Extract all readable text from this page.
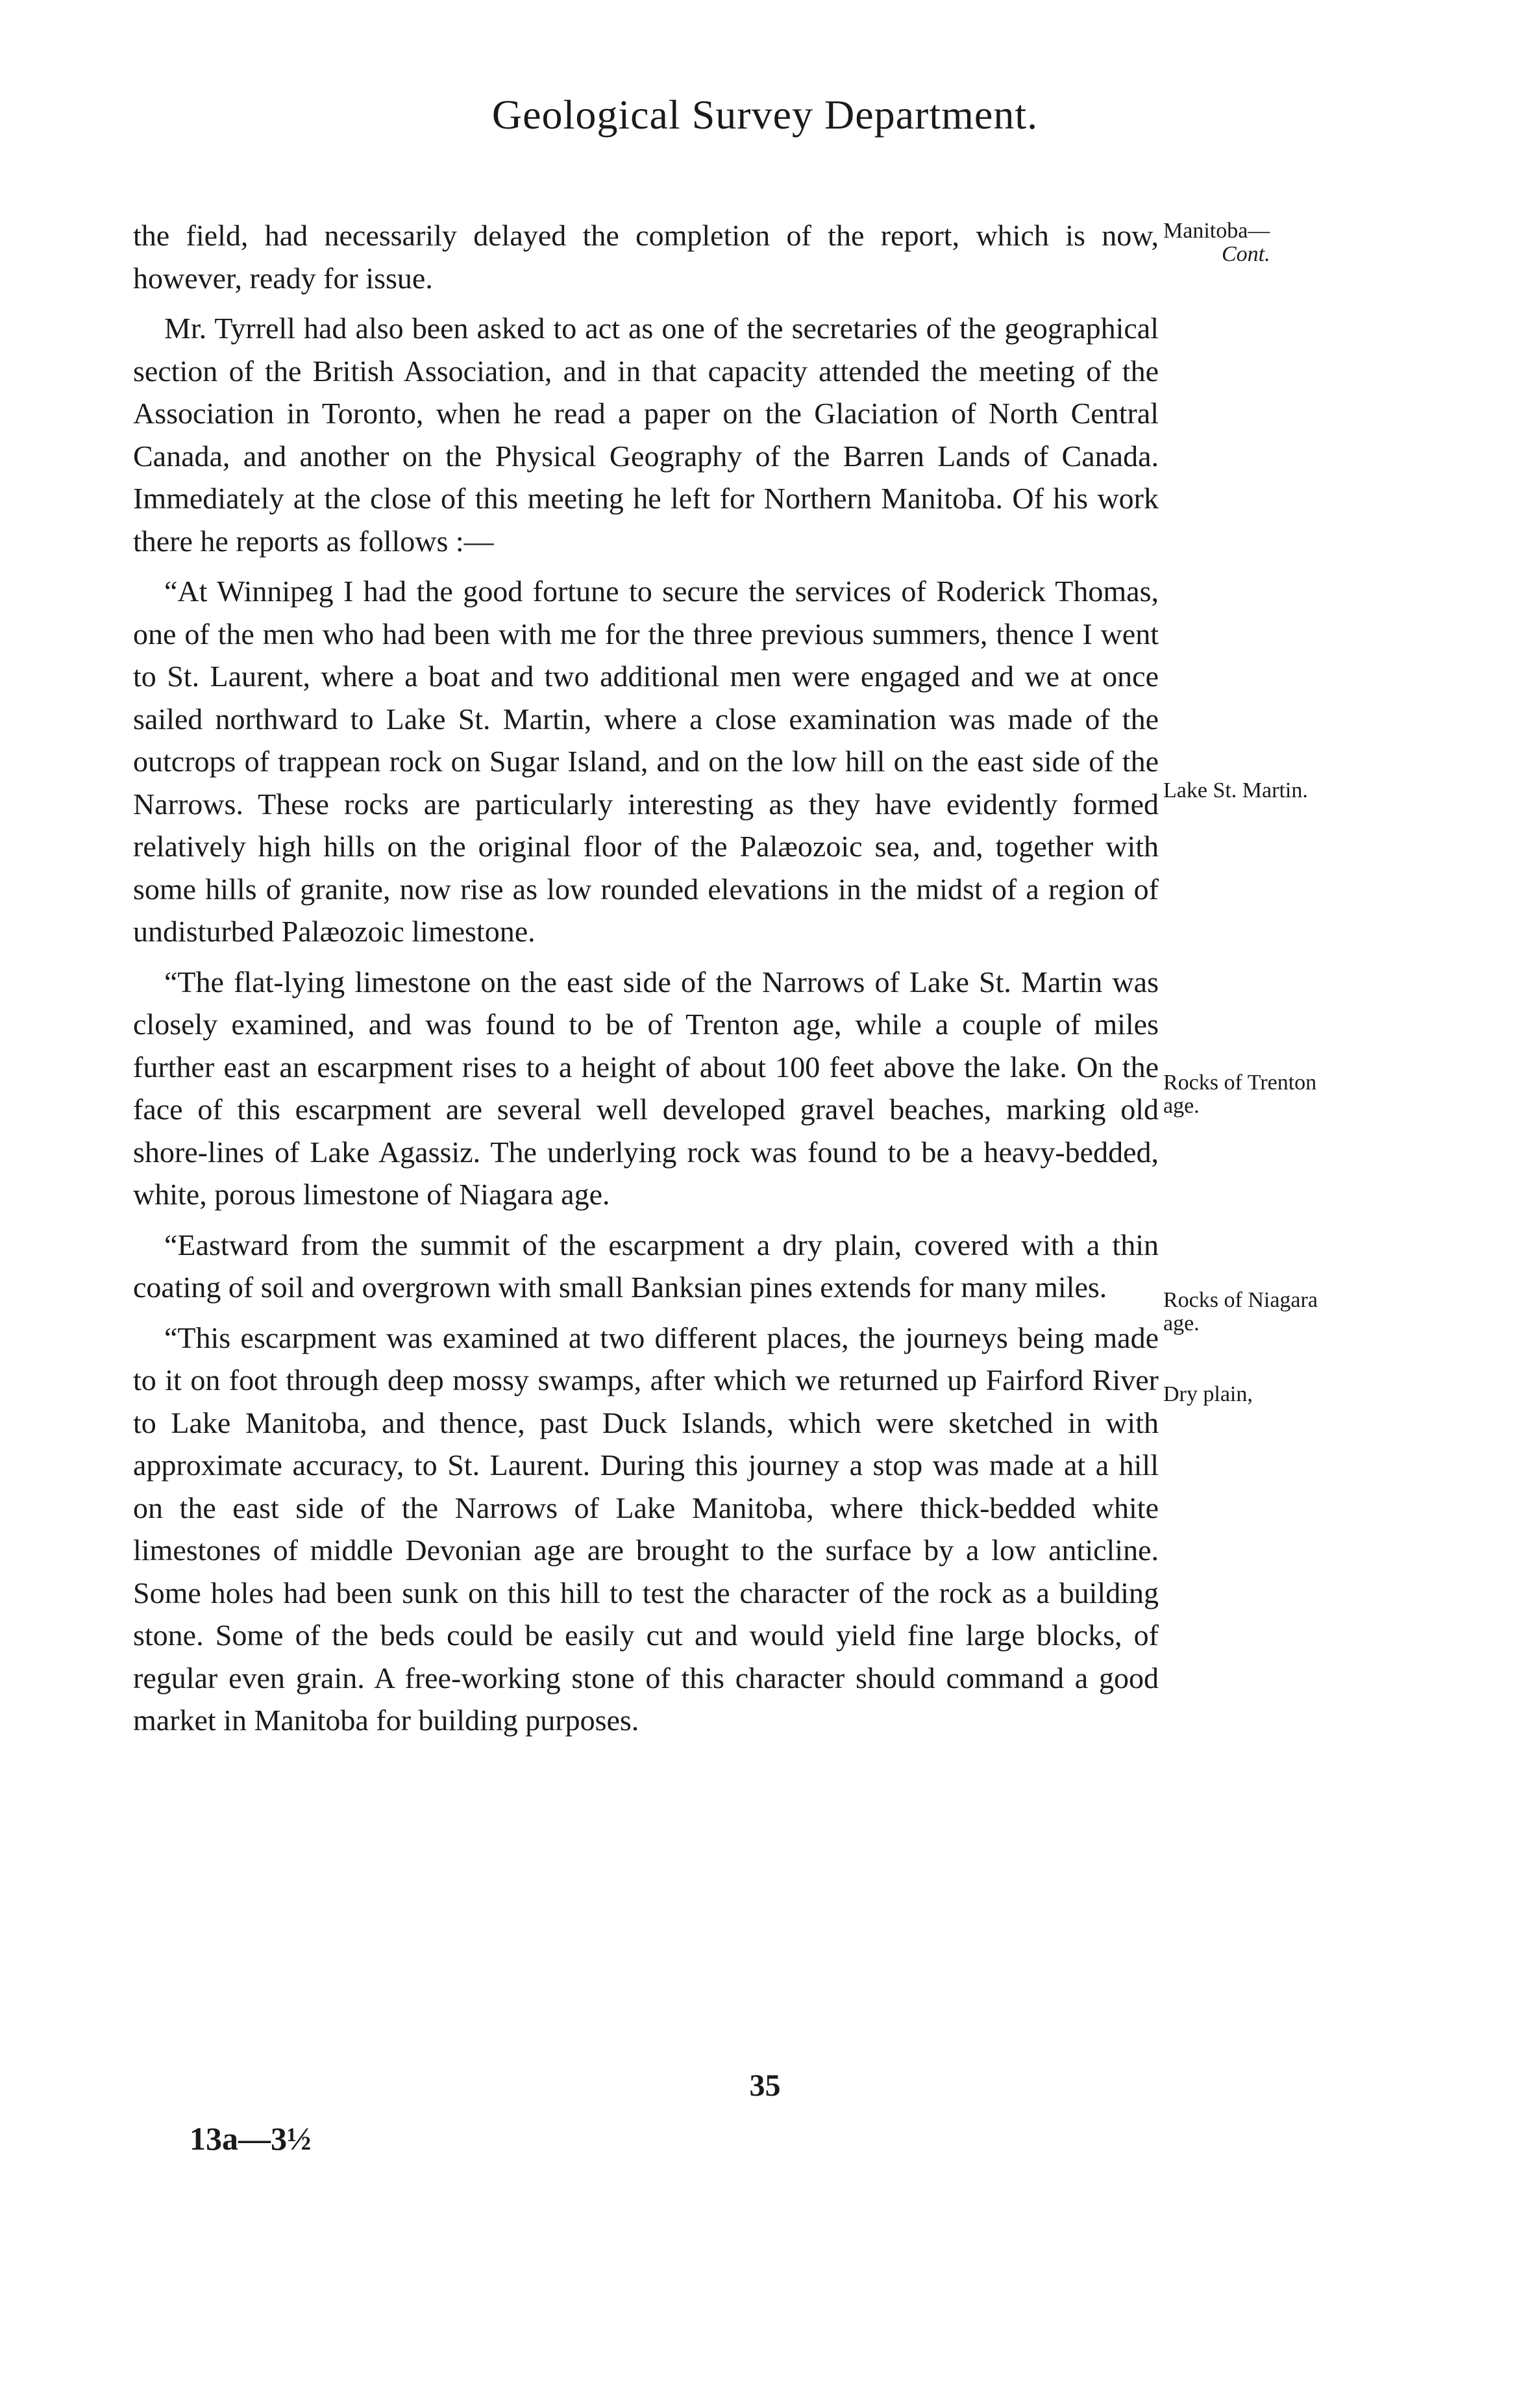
Geological Survey Department.

the field, had necessarily delayed the completion of the report, which is now, however, ready for issue.

Mr. Tyrrell had also been asked to act as one of the secretaries of the geographical section of the British Association, and in that capacity attended the meeting of the Association in Toronto, when he read a paper on the Glaciation of North Central Canada, and another on the Physical Geography of the Barren Lands of Canada. Immediately at the close of this meeting he left for Northern Manitoba. Of his work there he reports as follows :—

“At Winnipeg I had the good fortune to secure the services of Roderick Thomas, one of the men who had been with me for the three previous summers, thence I went to St. Laurent, where a boat and two additional men were engaged and we at once sailed northward to Lake St. Martin, where a close examination was made of the outcrops of trappean rock on Sugar Island, and on the low hill on the east side of the Narrows. These rocks are particularly interesting as they have evidently formed relatively high hills on the original floor of the Palæozoic sea, and, together with some hills of granite, now rise as low rounded elevations in the midst of a region of undisturbed Palæozoic limestone.

“The flat-lying limestone on the east side of the Narrows of Lake St. Martin was closely examined, and was found to be of Trenton age, while a couple of miles further east an escarpment rises to a height of about 100 feet above the lake. On the face of this escarpment are several well developed gravel beaches, marking old shore-lines of Lake Agassiz. The underlying rock was found to be a heavy-bedded, white, porous limestone of Niagara age.

“Eastward from the summit of the escarpment a dry plain, covered with a thin coating of soil and overgrown with small Banksian pines extends for many miles.

“This escarpment was examined at two different places, the journeys being made to it on foot through deep mossy swamps, after which we returned up Fairford River to Lake Manitoba, and thence, past Duck Islands, which were sketched in with approximate accuracy, to St. Laurent. During this journey a stop was made at a hill on the east side of the Narrows of Lake Manitoba, where thick-bedded white limestones of middle Devonian age are brought to the surface by a low anticline. Some holes had been sunk on this hill to test the character of the rock as a building stone. Some of the beds could be easily cut and would yield fine large blocks, of regular even grain. A free-working stone of this character should command a good market in Manitoba for building purposes.

Manitoba—
Cont.
Lake St. Martin.
Rocks of Trenton age.
Rocks of Niagara age.
Dry plain,
35
13a—3½
